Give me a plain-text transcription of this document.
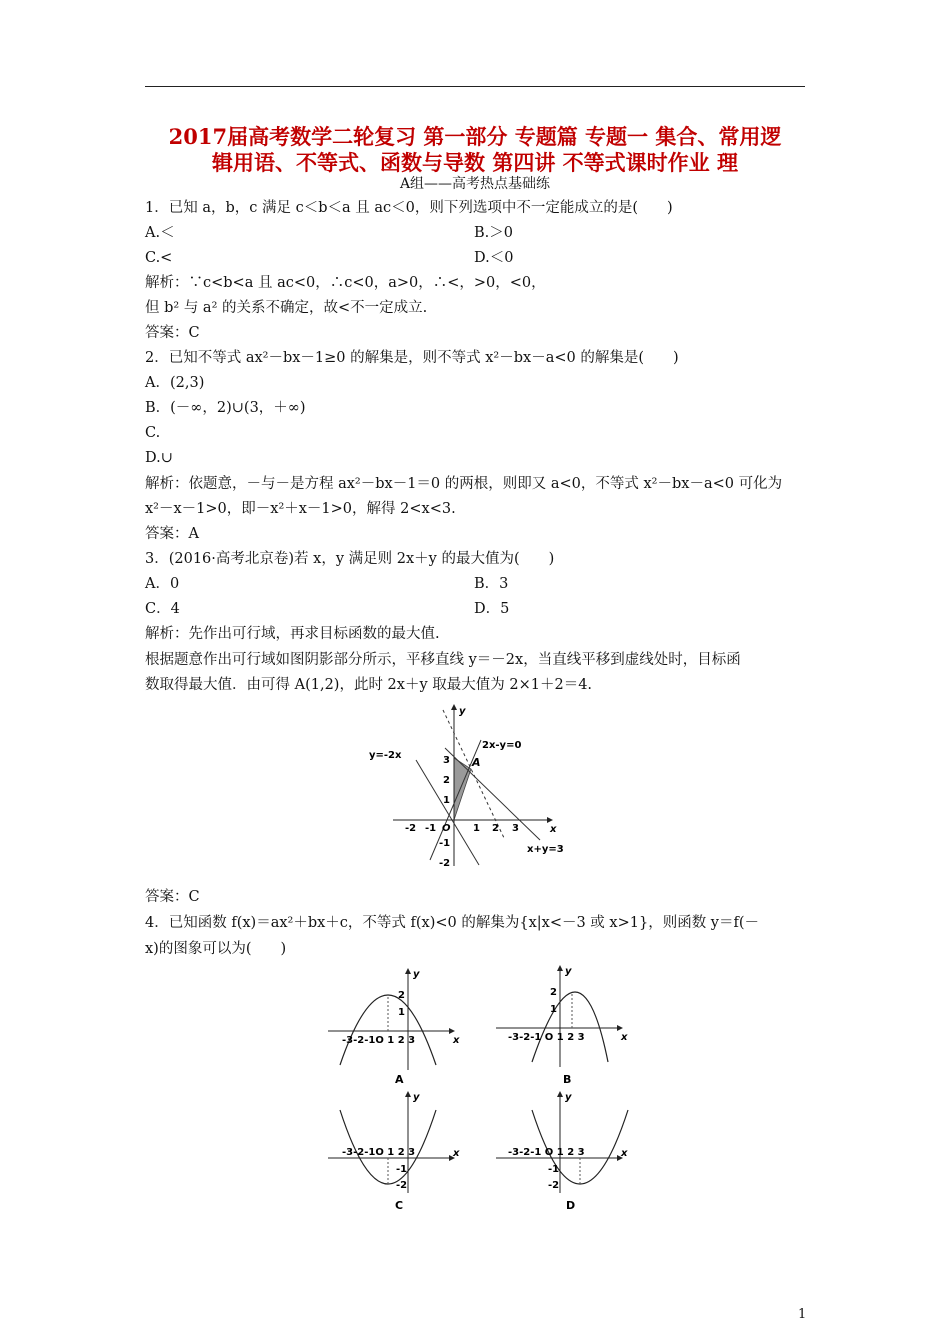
2017届高考数学二轮复习 第一部分 专题篇 专题一 集合、常用逻
辑用语、不等式、函数与导数 第四讲 不等式课时作业 理
A组——高考热点基础练
1．已知 a，b，c 满足 c＜b＜a 且 ac＜0，则下列选项中不一定能成立的是(　　)
A.＜	B.＞0
C.<	D.＜0
解析：∵c<b<a 且 ac<0，∴c<0，a>0，∴<，>0，<0，
但 b² 与 a² 的关系不确定，故<不一定成立.
答案：C
2．已知不等式 ax²－bx－1≥0 的解集是，则不等式 x²－bx－a<0 的解集是(　　)
A．(2,3)
B．(－∞，2)∪(3，＋∞)
C.
D.∪
解析：依题意，－与－是方程 ax²－bx－1＝0 的两根，则即又 a<0，不等式 x²－bx－a<0 可化为
x²－x－1>0，即－x²＋x－1>0，解得 2<x<3.
答案：A
3．(2016·高考北京卷)若 x，y 满足则 2x＋y 的最大值为(　　)
A．0	B．3
C．4	D．5
解析：先作出可行域，再求目标函数的最大值.
根据题意作出可行域如图阴影部分所示，平移直线 y＝－2x，当直线平移到虚线处时，目标函
数取得最大值．由可得 A(1,2)，此时 2x＋y 取最大值为 2×1＋2＝4.
y=-2x
2x-y=0
x+y=3
A
x
y
O
-2 -1	1 2 3
3
2
1
-1
-2
答案：C
4．已知函数 f(x)＝ax²＋bx＋c，不等式 f(x)<0 的解集为{x|x<－3 或 x>1}，则函数 y＝f(－
x)的图象可以为(　　)
-3-2-1O 1 2 3
2
1
x
y
A
-3-2-1 O 1 2 3
2
1
x
y
B
-3-2-1O 1 2 3
-1
-2
x
y
C
-3-2-1 O 1 2 3
-1
-2
x
y
D
1
